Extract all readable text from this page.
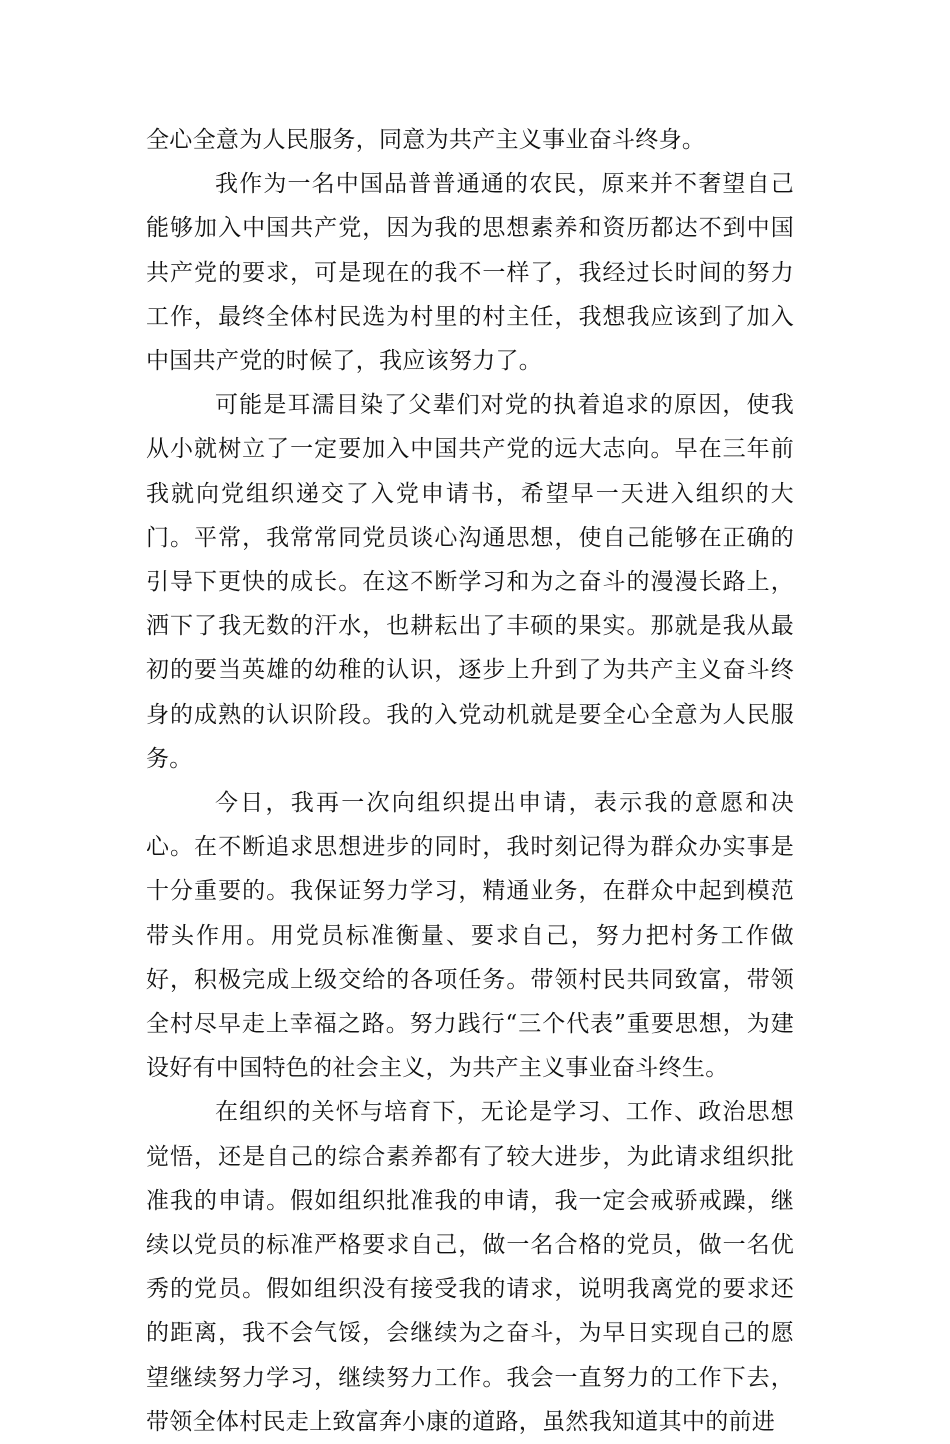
全心全意为人民服务，同意为共产主义事业奋斗终身。

我作为一名中国品普普通通的农民，原来并不奢望自己能够加入中国共产党，因为我的思想素养和资历都达不到中国共产党的要求，可是现在的我不一样了，我经过长时间的努力工作，最终全体村民选为村里的村主任，我想我应该到了加入中国共产党的时候了，我应该努力了。

可能是耳濡目染了父辈们对党的执着追求的原因，使我从小就树立了一定要加入中国共产党的远大志向。早在三年前我就向党组织递交了入党申请书，希望早一天进入组织的大门。平常，我常常同党员谈心沟通思想，使自己能够在正确的引导下更快的成长。在这不断学习和为之奋斗的漫漫长路上，洒下了我无数的汗水，也耕耘出了丰硕的果实。那就是我从最初的要当英雄的幼稚的认识，逐步上升到了为共产主义奋斗终身的成熟的认识阶段。我的入党动机就是要全心全意为人民服务。

今日，我再一次向组织提出申请，表示我的意愿和决心。在不断追求思想进步的同时，我时刻记得为群众办实事是十分重要的。我保证努力学习，精通业务，在群众中起到模范带头作用。用党员标准衡量、要求自己，努力把村务工作做好，积极完成上级交给的各项任务。带领村民共同致富，带领全村尽早走上幸福之路。努力践行“三个代表”重要思想，为建设好有中国特色的社会主义，为共产主义事业奋斗终生。

在组织的关怀与培育下，无论是学习、工作、政治思想觉悟，还是自己的综合素养都有了较大进步，为此请求组织批准我的申请。假如组织批准我的申请，我一定会戒骄戒躁，继续以党员的标准严格要求自己，做一名合格的党员，做一名优秀的党员。假如组织没有接受我的请求，说明我离党的要求还的距离，我不会气馁，会继续为之奋斗，为早日实现自己的愿望继续努力学习，继续努力工作。我会一直努力的工作下去，带领全体村民走上致富奔小康的道路，虽然我知道其中的前进
